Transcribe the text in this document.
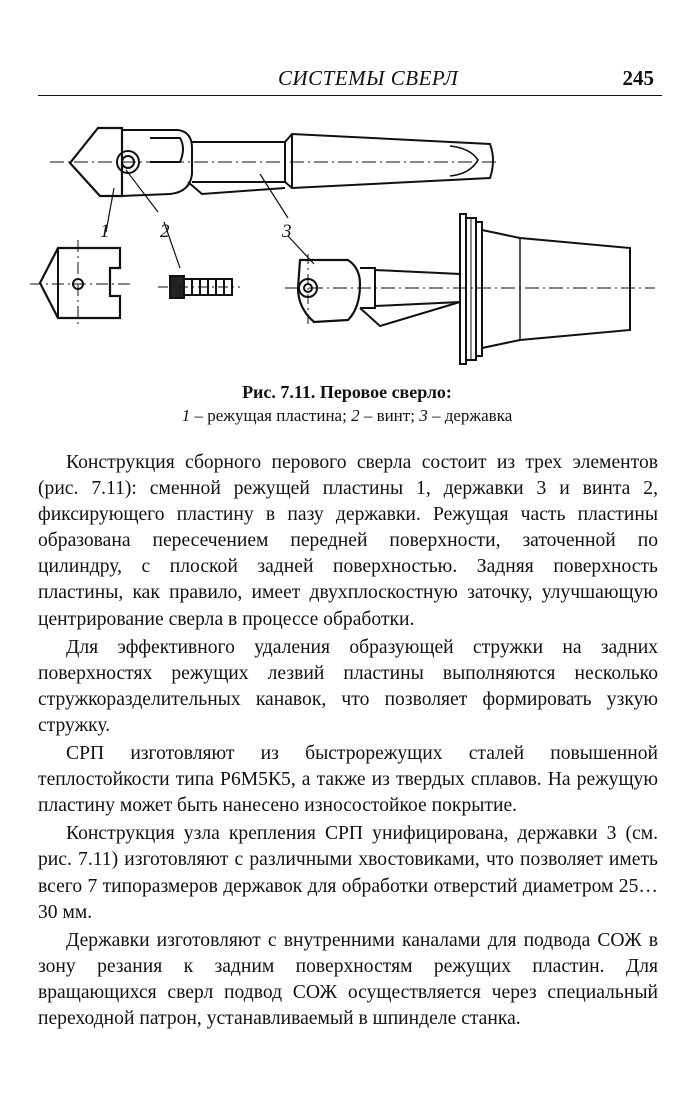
СИСТЕМЫ СВЕРЛ	245
1	2	3
Рис. 7.11. Перовое сверло:
1 – режущая пластина; 2 – винт; 3 – державка

Конструкция сборного перового сверла состоит из трех элементов (рис. 7.11): сменной режущей пластины 1, державки 3 и винта 2, фиксирующего пластину в пазу державки. Режущая часть пластины образована пересечением передней поверхности, заточенной по цилиндру, с плоской задней поверхностью. Задняя поверхность пластины, как правило, имеет двухплоскостную заточку, улучшающую центрирование сверла в процессе обработки.

Для эффективного удаления образующей стружки на задних поверхностях режущих лезвий пластины выполняются несколько стружкоразделительных канавок, что позволяет формировать узкую стружку.

СРП изготовляют из быстрорежущих сталей повышенной теплостойкости типа Р6М5К5, а также из твердых сплавов. На режущую пластину может быть нанесено износостойкое покрытие.

Конструкция узла крепления СРП унифицирована, державки 3 (см. рис. 7.11) изготовляют с различными хвостовиками, что позволяет иметь всего 7 типоразмеров державок для обработки отверстий диаметром 25…30 мм.

Державки изготовляют с внутренними каналами для подвода СОЖ в зону резания к задним поверхностям режущих пластин. Для вращающихся сверл подвод СОЖ осуществляется через специальный переходной патрон, устанавливаемый в шпинделе станка.
